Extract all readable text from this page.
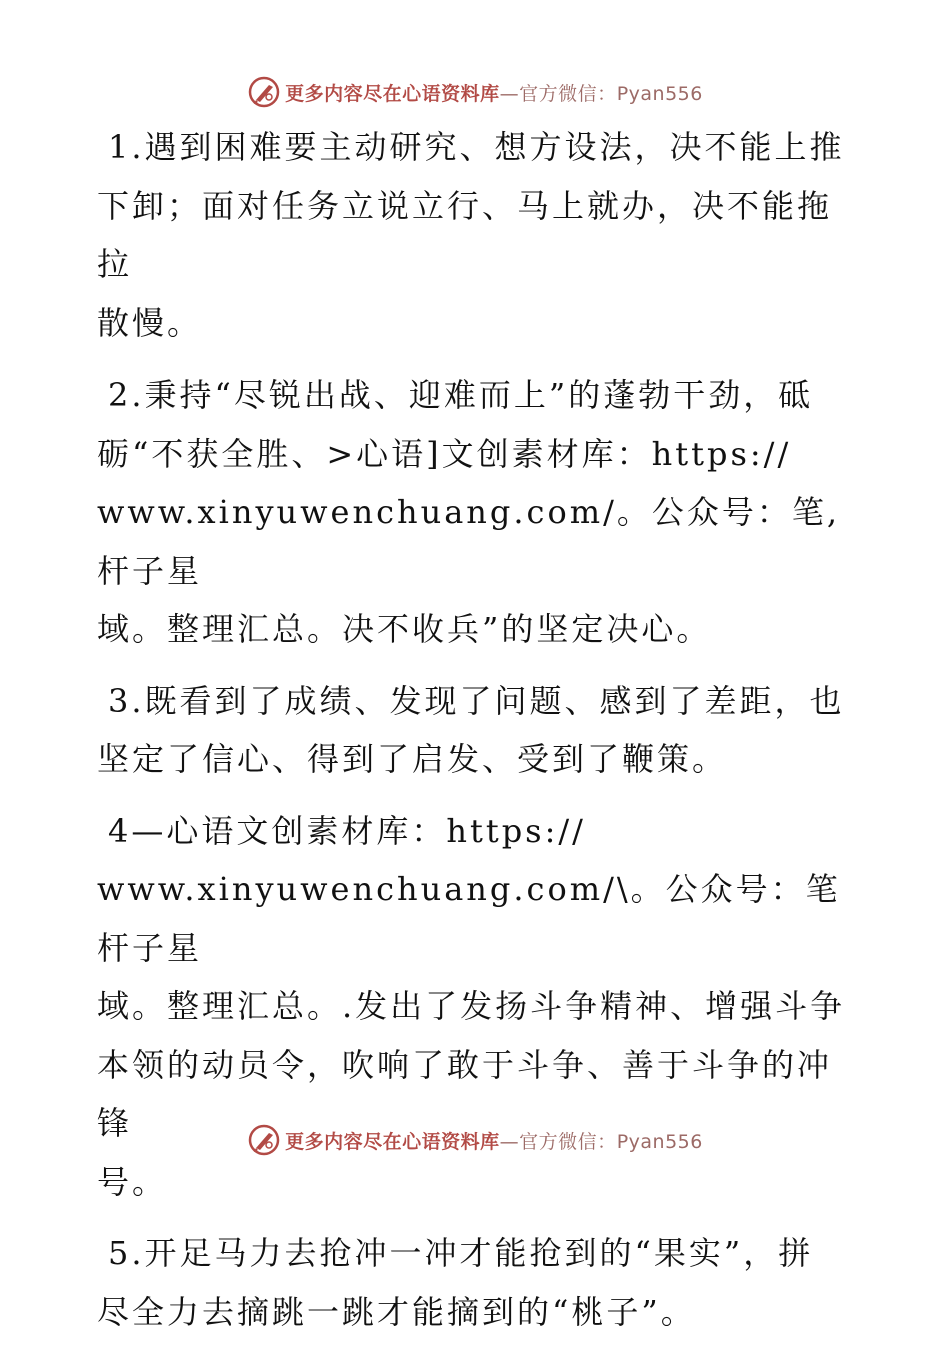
更多内容尽在心语资料库—官方微信：Pyan556

1.遇到困难要主动研究、想方设法，决不能上推
下卸；面对任务立说立行、马上就办，决不能拖拉
散慢。

2.秉持“尽锐出战、迎难而上”的蓬勃干劲，砥
砺“不获全胜、>心语]文创素材库：https://
www.xinyuwenchuang.com/。公众号：笔,杆子星
域。整理汇总。决不收兵”的坚定决心。

3.既看到了成绩、发现了问题、感到了差距，也
坚定了信心、得到了启发、受到了鞭策。

4—心语文创素材库：https://
www.xinyuwenchuang.com/\。公众号：笔杆子星
域。整理汇总。.发出了发扬斗争精神、增强斗争
本领的动员令，吹响了敢于斗争、善于斗争的冲锋
号。

5.开足马力去抢冲一冲才能抢到的“果实”，拼
尽全力去摘跳一跳才能摘到的“桃子”。

更多内容尽在心语资料库—官方微信：Pyan556
